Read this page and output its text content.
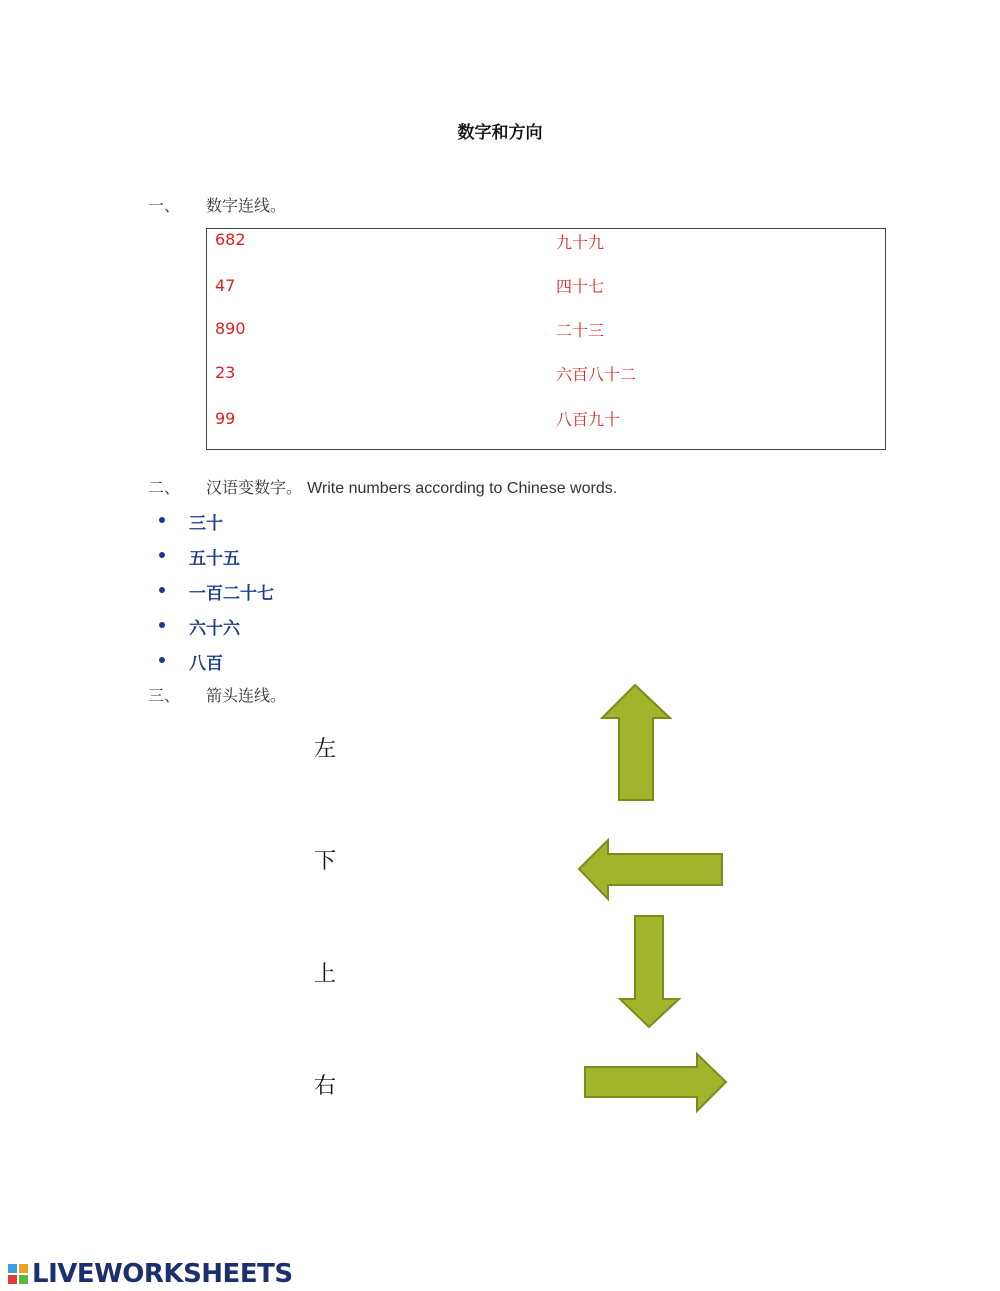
数字和方向
一、 数字连线。
682
47
890
23
99
九十九
四十七
二十三
六百八十二
八百九十
二、 汉语变数字。 Write numbers according to Chinese words.
三十
五十五
一百二十七
六十六
八百
三、 箭头连线。
左
下
上
右
LIVEWORKSHEETS
